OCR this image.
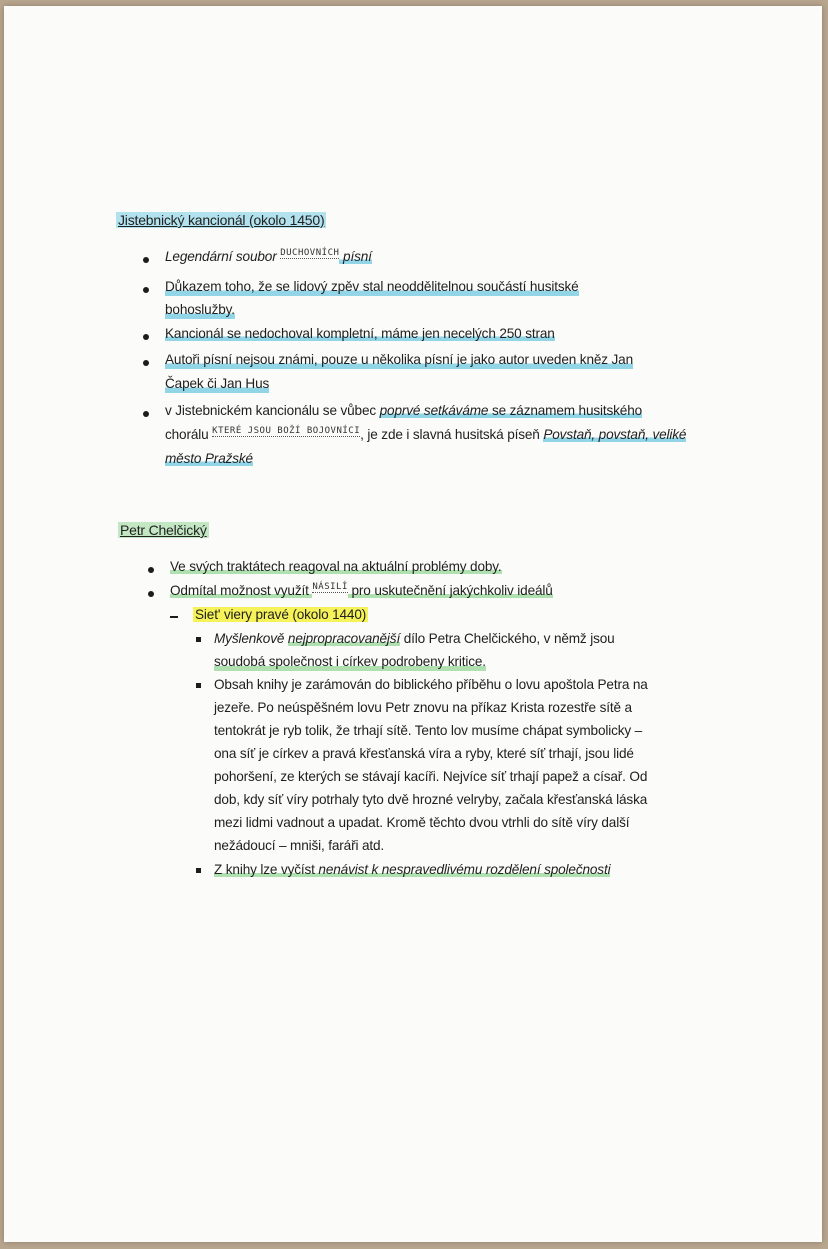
Jistebnický kancionál (okolo 1450)
Legendární soubor $^{DUCHOVNÍCH}$ písní
Důkazem toho, že se lidový zpěv stal neoddělitelnou součástí husitské
bohoslužby.
Kancionál se nedochoval kompletní, máme jen necelých 250 stran
Autoři písní nejsou známi, pouze u několika písní je jako autor uveden kněz Jan
Čapek či Jan Hus
v Jistebnickém kancionálu se vůbec poprvé setkáváme se záznamem husitského
chorálu $^{KTERÉ JSOU BOŽÍ BOJOVNÍCI}$, je zde i slavná husitská píseň Povstaň, povstaň, veliké
město Pražské
Petr Chelčický
Ve svých traktátech reagoval na aktuální problémy doby.
Odmítal možnost využít $^{NÁSILÍ}$ pro uskutečnění jakýchkoliv ideálů
Siet' viery pravé (okolo 1440)
Myšlenkově nejpropracovanější dílo Petra Chelčického, v němž jsou
soudobá společnost i církev podrobeny kritice.
Obsah knihy je zarámován do biblického příběhu o lovu apoštola Petra na
jezeře. Po neúspěšném lovu Petr znovu na příkaz Krista rozestře sítě a
tentokrát je ryb tolik, že trhají sítě. Tento lov musíme chápat symbolicky –
ona síť je církev a pravá křesťanská víra a ryby, které síť trhají, jsou lidé
pohoršení, ze kterých se stávají kacíři. Nejvíce síť trhají papež a císař. Od
dob, kdy síť víry potrhaly tyto dvě hrozné velryby, začala křesťanská láska
mezi lidmi vadnout a upadat. Kromě těchto dvou vtrhli do sítě víry další
nežádoucí – mniši, faráři atd.
Z knihy lze vyčíst nenávist k nespravedlivému rozdělení společnosti
